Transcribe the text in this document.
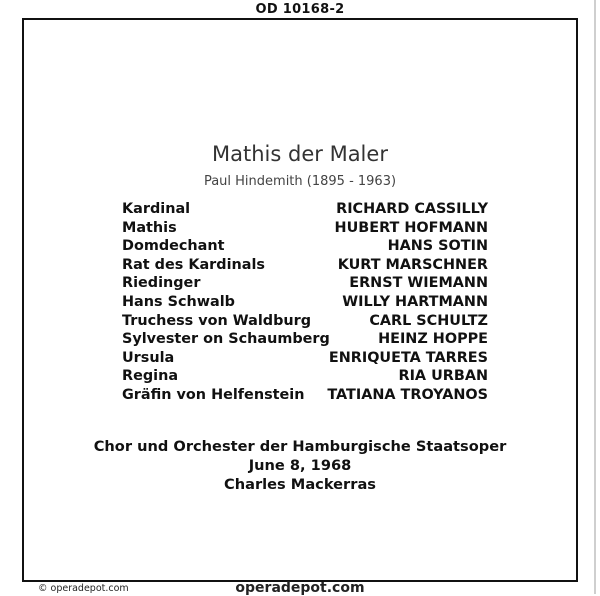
OD 10168-2
Mathis der Maler
Paul Hindemith (1895 - 1963)
Kardinal	RICHARD CASSILLY
Mathis	HUBERT HOFMANN
Domdechant	HANS SOTIN
Rat des Kardinals	KURT MARSCHNER
Riedinger	ERNST WIEMANN
Hans Schwalb	WILLY HARTMANN
Truchess von Waldburg	CARL SCHULTZ
Sylvester on Schaumberg	HEINZ HOPPE
Ursula	ENRIQUETA TARRES
Regina	RIA URBAN
Gräfin von Helfenstein TATIANA TROYANOS
Chor und Orchester der Hamburgische Staatsoper
June 8, 1968
Charles Mackerras
© operadepot.com	operadepot.com
